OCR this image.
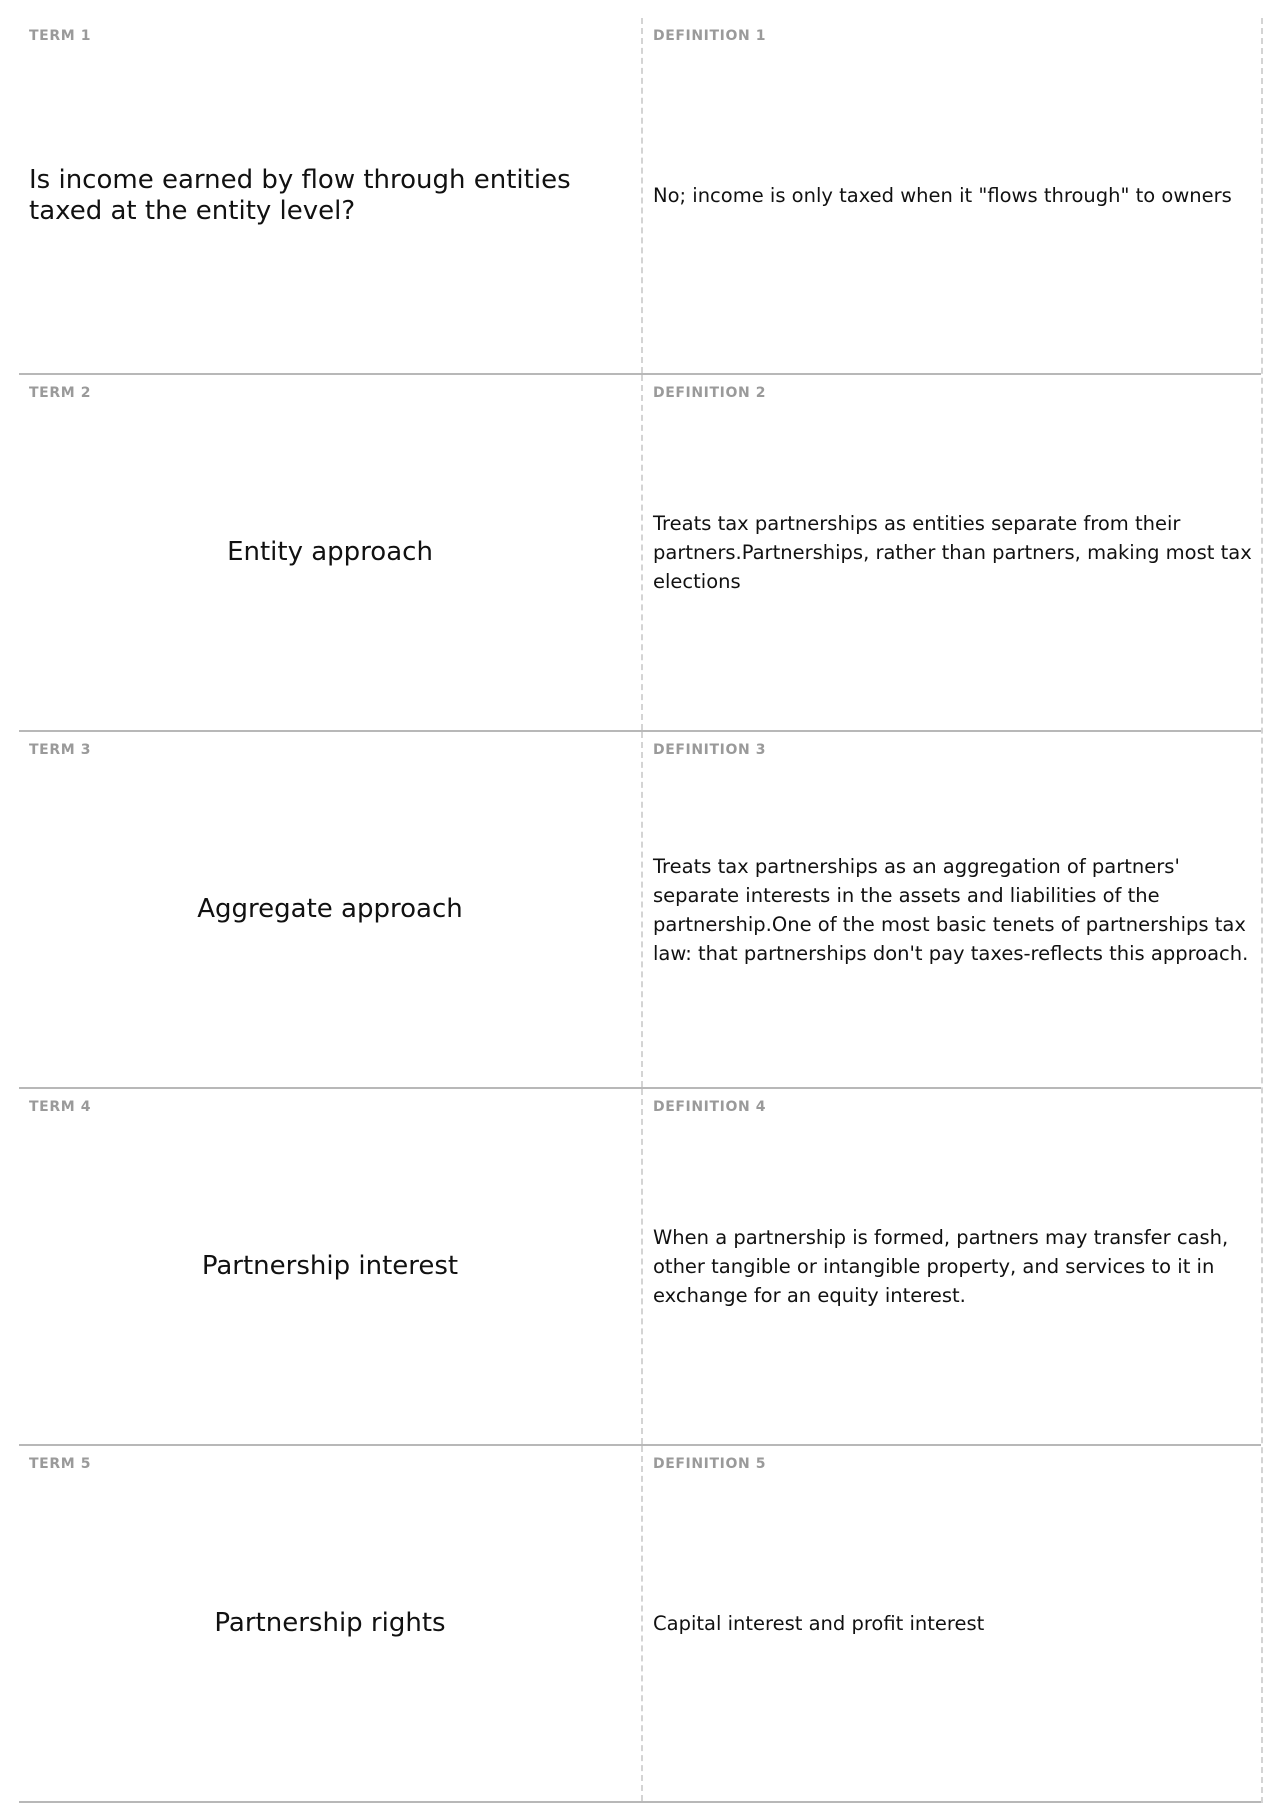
TERM 1
Is income earned by flow through entities taxed at the entity level?
DEFINITION 1
No; income is only taxed when it "flows through" to owners
TERM 2
Entity approach
DEFINITION 2
Treats tax partnerships as entities separate from their partners.Partnerships, rather than partners, making most tax elections
TERM 3
Aggregate approach
DEFINITION 3
Treats tax partnerships as an aggregation of partners' separate interests in the assets and liabilities of the partnership.One of the most basic tenets of partnerships tax law: that partnerships don't pay taxes-reflects this approach.
TERM 4
Partnership interest
DEFINITION 4
When a partnership is formed, partners may transfer cash, other tangible or intangible property, and services to it in exchange for an equity interest.
TERM 5
Partnership rights
DEFINITION 5
Capital interest and profit interest
